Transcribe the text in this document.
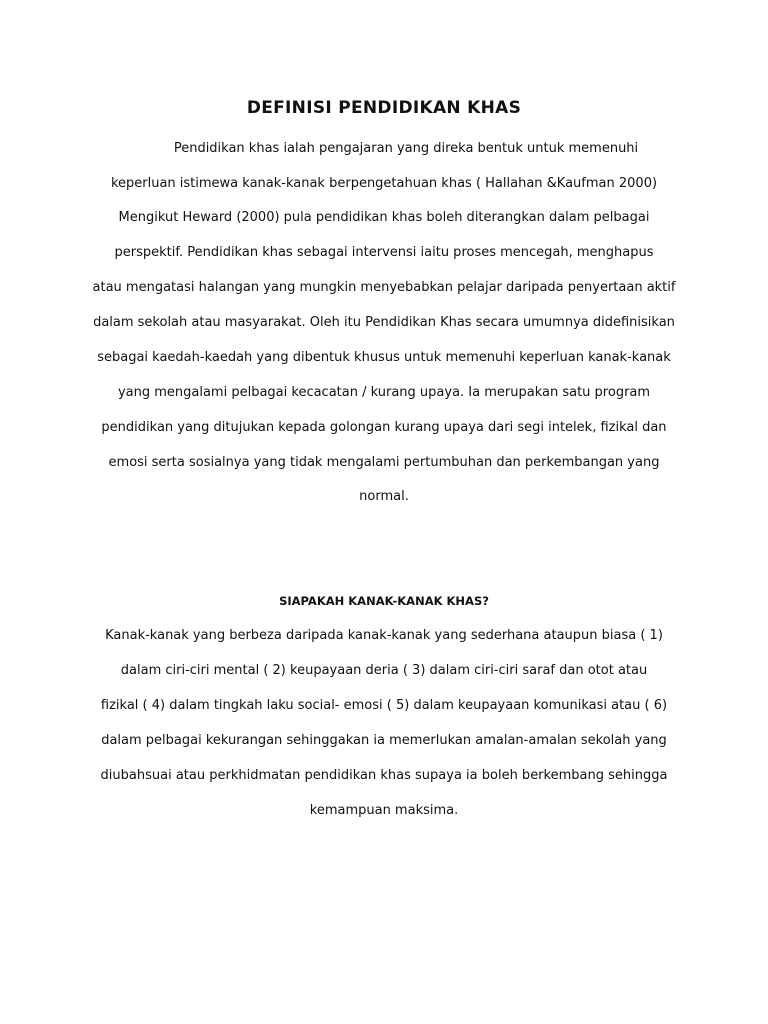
DEFINISI PENDIDIKAN KHAS
Pendidikan khas ialah pengajaran yang direka bentuk untuk memenuhi
keperluan istimewa kanak-kanak berpengetahuan khas ( Hallahan &Kaufman 2000)
Mengikut Heward (2000) pula pendidikan khas boleh diterangkan dalam pelbagai
perspektif. Pendidikan khas sebagai intervensi iaitu proses mencegah, menghapus
atau mengatasi halangan yang mungkin menyebabkan pelajar daripada penyertaan aktif
dalam sekolah atau masyarakat. Oleh itu Pendidikan Khas secara umumnya didefinisikan
sebagai kaedah-kaedah yang dibentuk khusus untuk memenuhi keperluan kanak-kanak
yang mengalami pelbagai kecacatan / kurang upaya. Ia merupakan satu program
pendidikan yang ditujukan kepada golongan kurang upaya dari segi intelek, fizikal dan
emosi serta sosialnya yang tidak mengalami pertumbuhan dan perkembangan yang
normal.
SIAPAKAH KANAK-KANAK KHAS?
Kanak-kanak yang berbeza daripada kanak-kanak yang sederhana ataupun biasa ( 1)
dalam ciri-ciri mental ( 2) keupayaan deria ( 3) dalam ciri-ciri saraf dan otot atau
fizikal ( 4) dalam tingkah laku social- emosi ( 5) dalam keupayaan komunikasi atau ( 6)
dalam pelbagai kekurangan sehinggakan ia memerlukan amalan-amalan sekolah yang
diubahsuai atau perkhidmatan pendidikan khas supaya ia boleh berkembang sehingga
kemampuan maksima.
